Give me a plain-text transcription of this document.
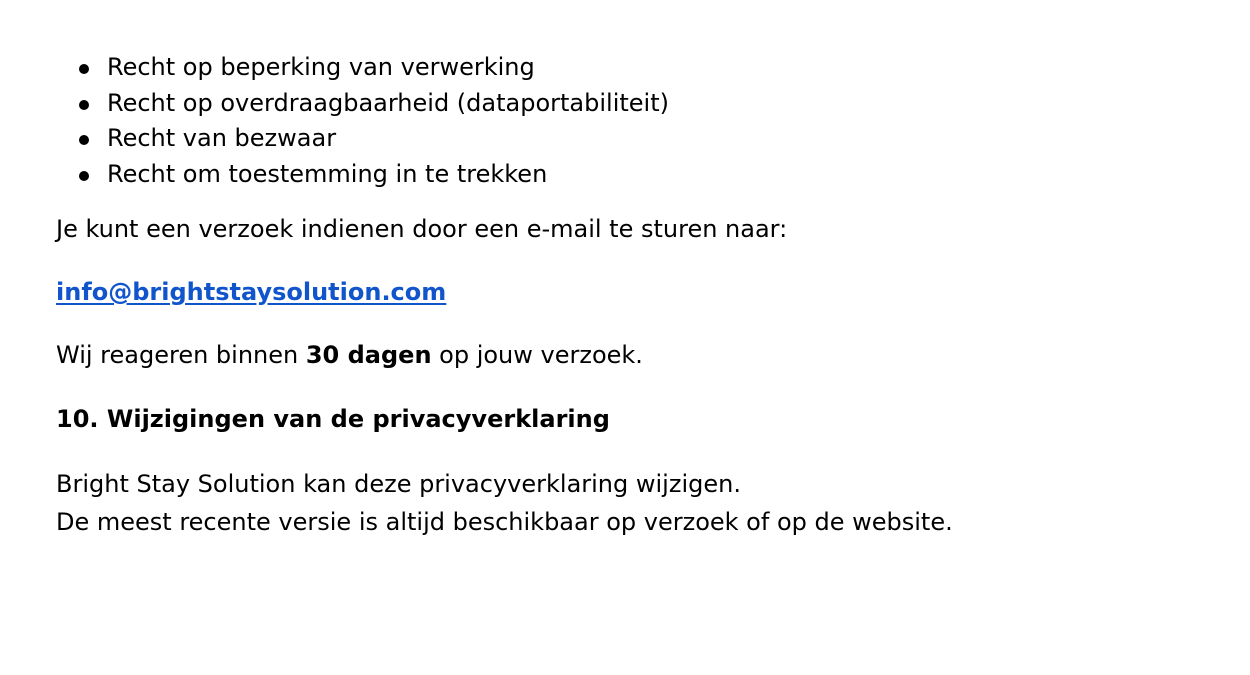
Recht op beperking van verwerking
Recht op overdraagbaarheid (dataportabiliteit)
Recht van bezwaar
Recht om toestemming in te trekken

Je kunt een verzoek indienen door een e-mail te sturen naar:

info@brightstaysolution.com

Wij reageren binnen 30 dagen op jouw verzoek.

10. Wijzigingen van de privacyverklaring

Bright Stay Solution kan deze privacyverklaring wijzigen.
De meest recente versie is altijd beschikbaar op verzoek of op de website.
